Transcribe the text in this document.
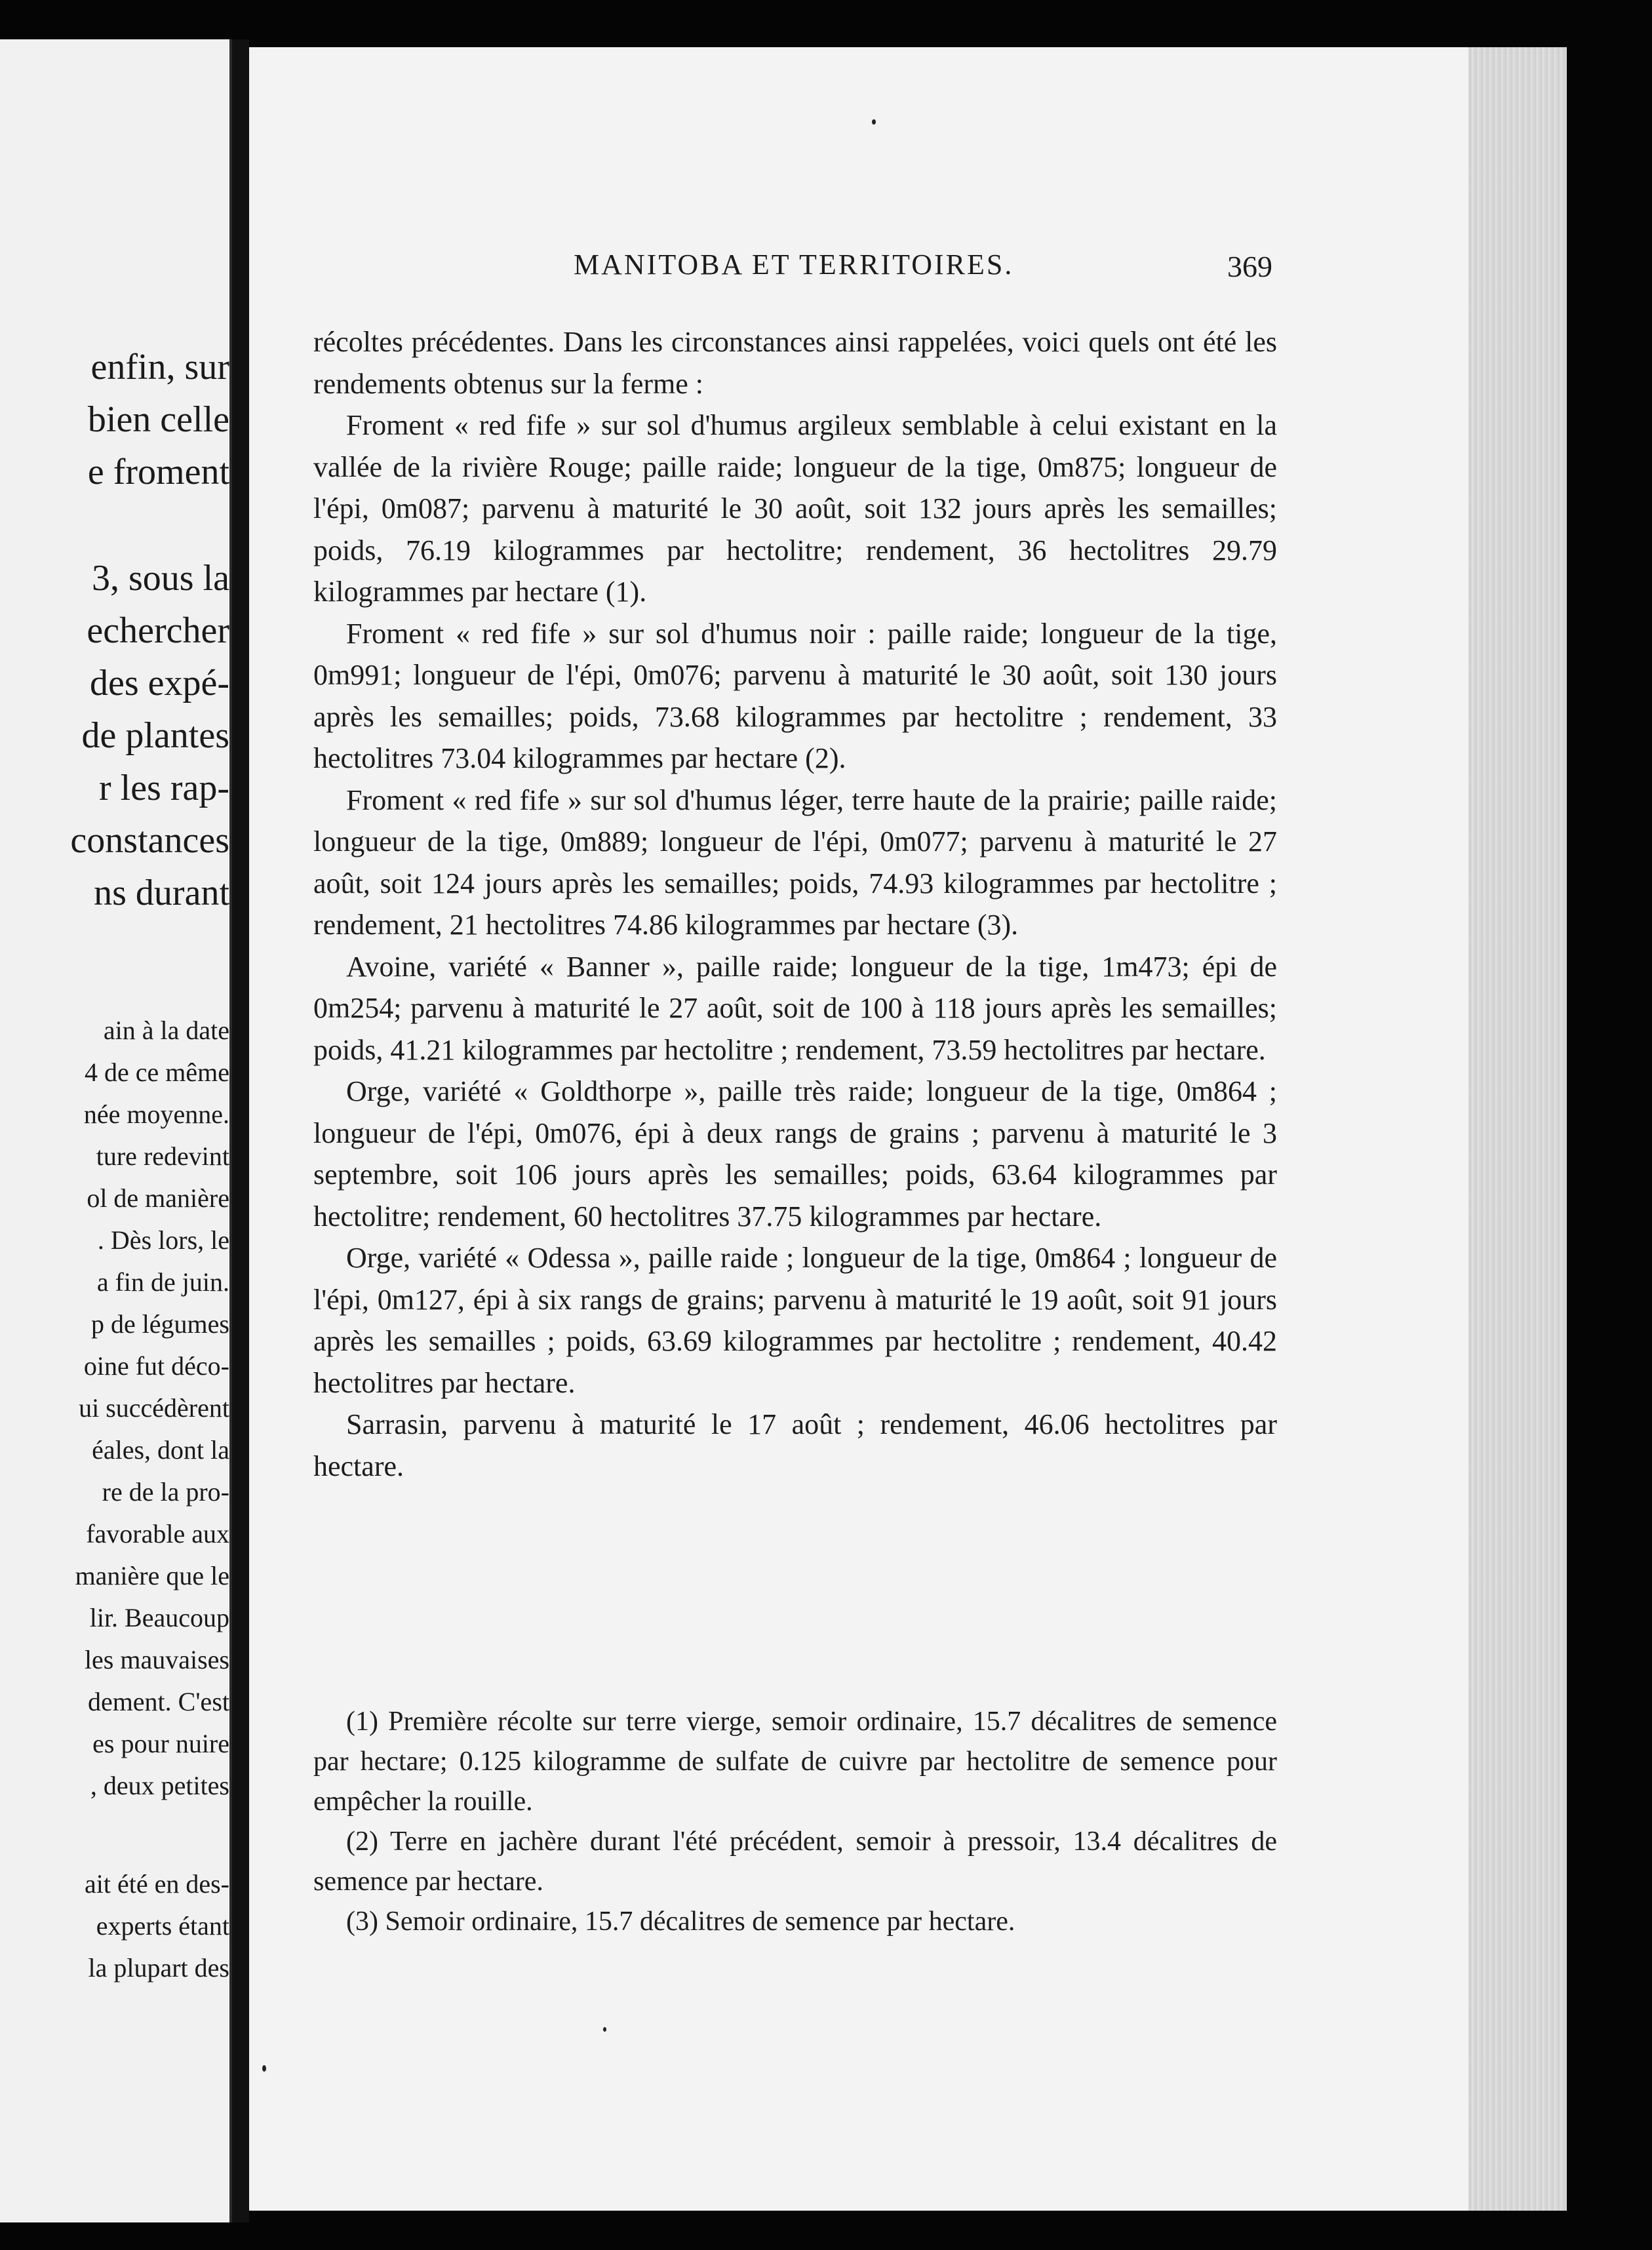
enfin, sur
bien celle
e froment
3, sous la
echercher
des expé-
de plantes
r les rap-
constances
ns durant
ain à la date
4 de ce même
née moyenne.
ture redevint
ol de manière
. Dès lors, le
a fin de juin.
p de légumes
oine fut déco-
ui succédèrent
éales, dont la
re de la pro-
favorable aux
manière que le
lir. Beaucoup
les mauvaises
dement. C'est
es pour nuire
, deux petites
ait été en des-
experts étant
la plupart des
MANITOBA ET TERRITOIRES.	369

récoltes précédentes. Dans les circonstances ainsi rappelées, voici quels ont été les rendements obtenus sur la ferme :

Froment « red fife » sur sol d'humus argileux semblable à celui existant en la vallée de la rivière Rouge; paille raide; longueur de la tige, 0m875; longueur de l'épi, 0m087; parvenu à maturité le 30 août, soit 132 jours après les semailles; poids, 76.19 kilogrammes par hectolitre; rendement, 36 hectolitres 29.79 kilogrammes par hectare (1).

Froment « red fife » sur sol d'humus noir : paille raide; longueur de la tige, 0m991; longueur de l'épi, 0m076; parvenu à maturité le 30 août, soit 130 jours après les semailles; poids, 73.68 kilogrammes par hectolitre ; rendement, 33 hectolitres 73.04 kilogrammes par hectare (2).

Froment « red fife » sur sol d'humus léger, terre haute de la prairie; paille raide; longueur de la tige, 0m889; longueur de l'épi, 0m077; parvenu à maturité le 27 août, soit 124 jours après les semailles; poids, 74.93 kilogrammes par hectolitre ; rendement, 21 hectolitres 74.86 kilogrammes par hectare (3).

Avoine, variété « Banner », paille raide; longueur de la tige, 1m473; épi de 0m254; parvenu à maturité le 27 août, soit de 100 à 118 jours après les semailles; poids, 41.21 kilogrammes par hectolitre ; rendement, 73.59 hectolitres par hectare.

Orge, variété « Goldthorpe », paille très raide; longueur de la tige, 0m864 ; longueur de l'épi, 0m076, épi à deux rangs de grains ; parvenu à maturité le 3 septembre, soit 106 jours après les semailles; poids, 63.64 kilogrammes par hectolitre; rendement, 60 hectolitres 37.75 kilogrammes par hectare.

Orge, variété « Odessa », paille raide ; longueur de la tige, 0m864 ; longueur de l'épi, 0m127, épi à six rangs de grains; parvenu à maturité le 19 août, soit 91 jours après les semailles ; poids, 63.69 kilogrammes par hectolitre ; rendement, 40.42 hectolitres par hectare.

Sarrasin, parvenu à maturité le 17 août ; rendement, 46.06 hectolitres par hectare.

(1) Première récolte sur terre vierge, semoir ordinaire, 15.7 décalitres de semence par hectare; 0.125 kilogramme de sulfate de cuivre par hectolitre de semence pour empêcher la rouille.

(2) Terre en jachère durant l'été précédent, semoir à pressoir, 13.4 décalitres de semence par hectare.

(3) Semoir ordinaire, 15.7 décalitres de semence par hectare.
